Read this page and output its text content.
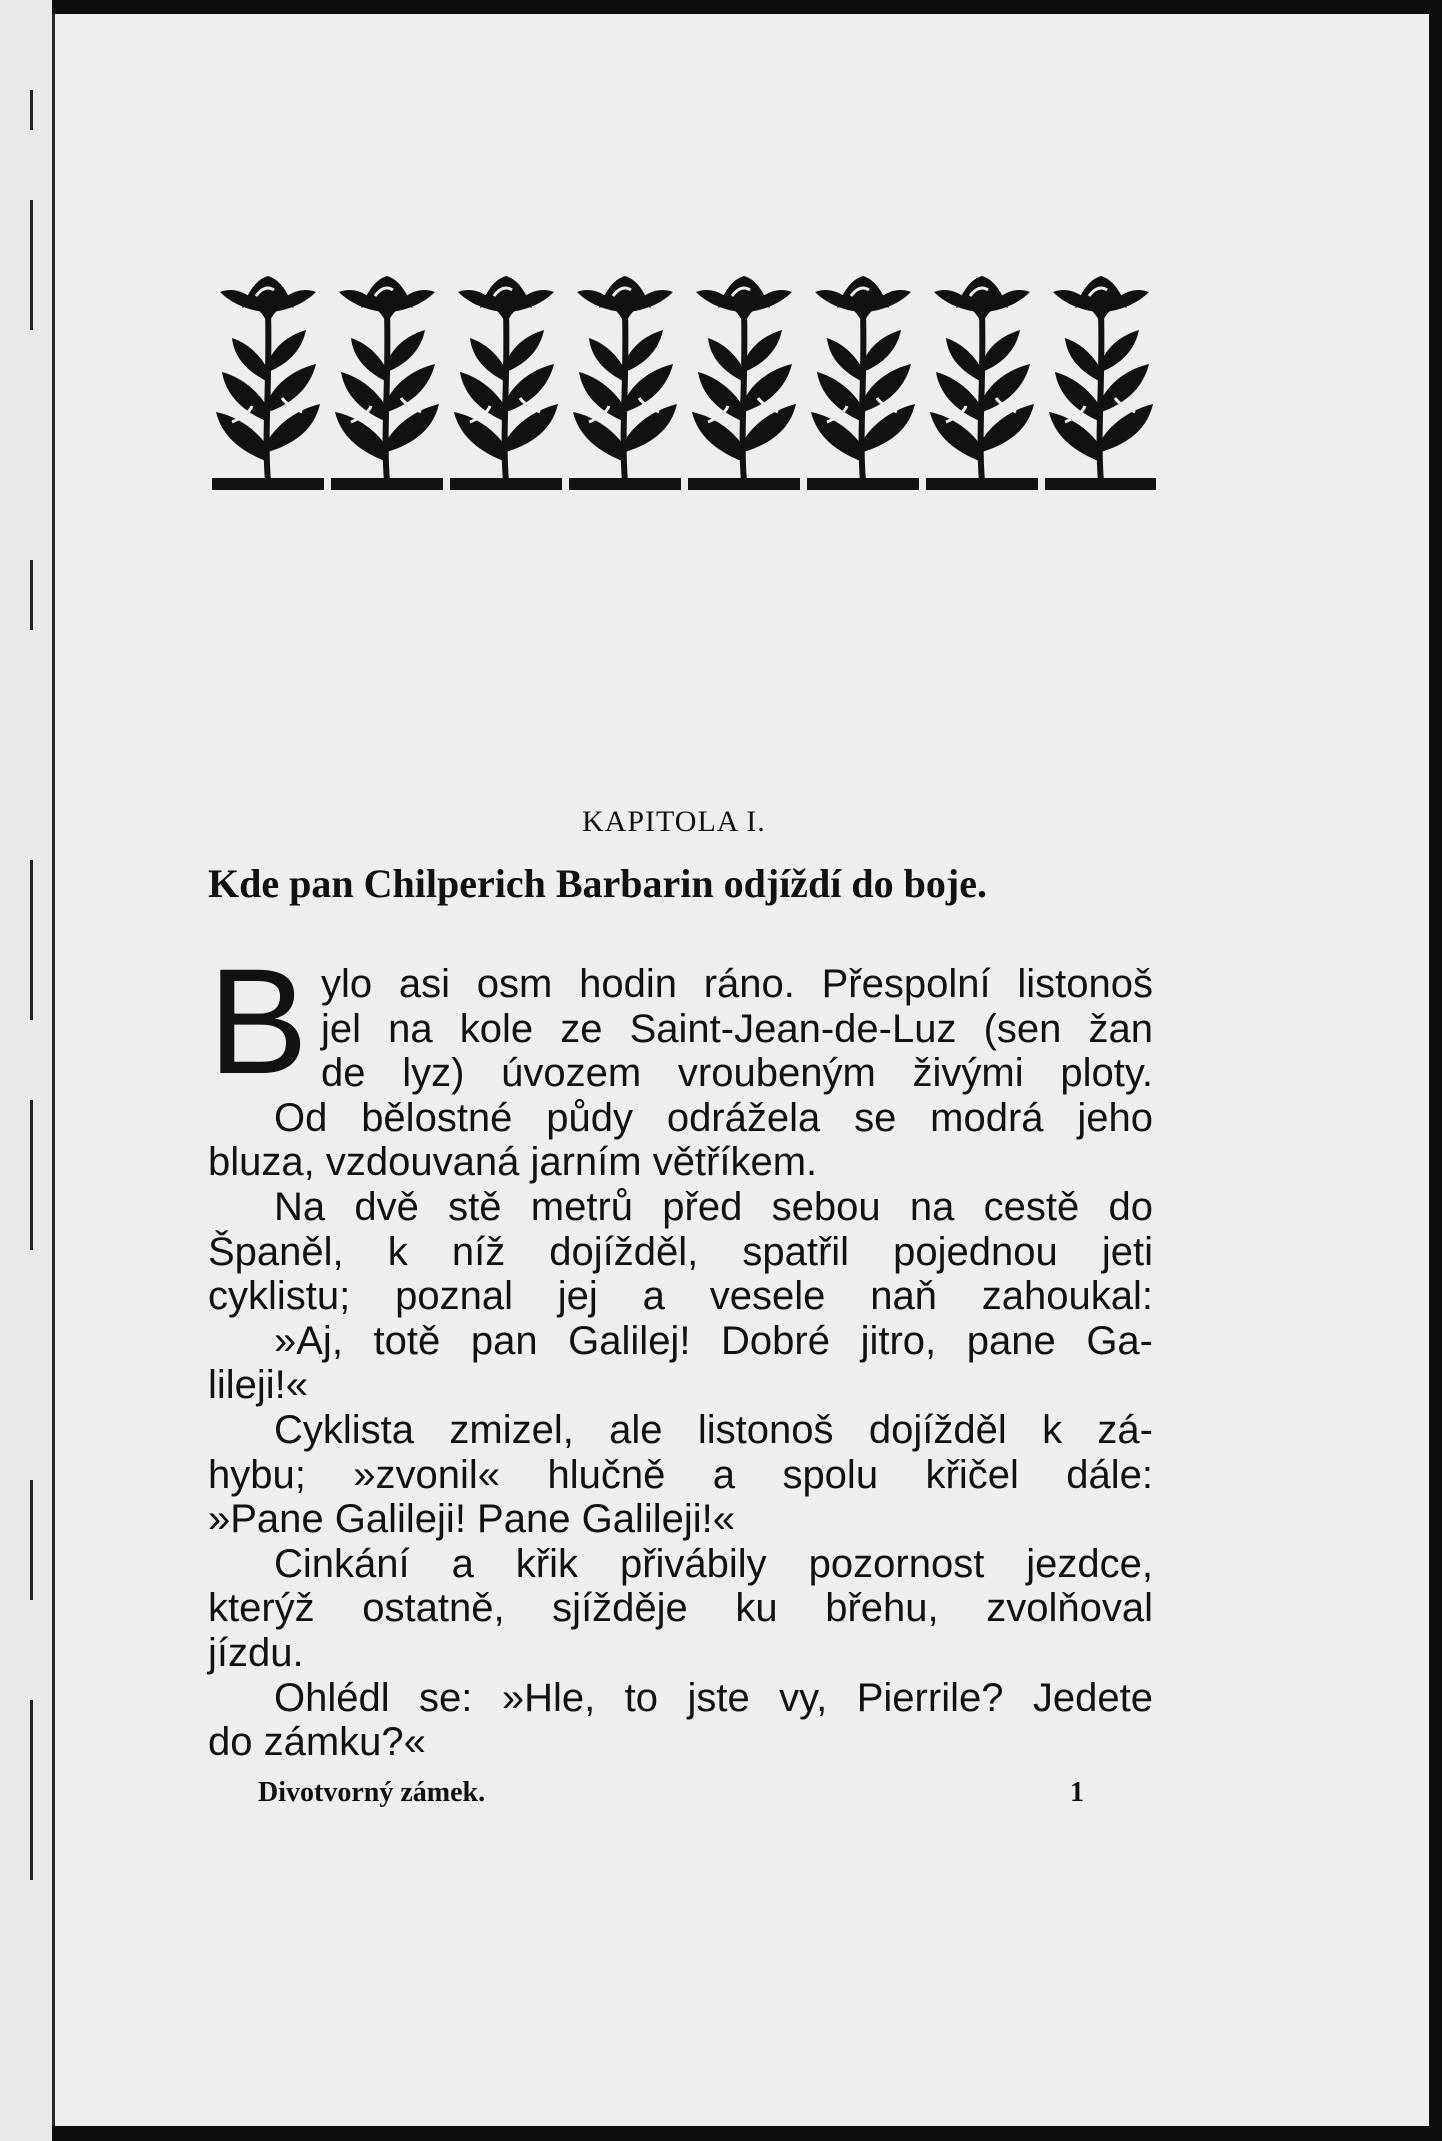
KAPITOLA I.
Kde pan Chilperich Barbarin odjíždí do boje.
B ylo asi osm hodin ráno. Přespolní listonoš
jel na kole ze Saint-Jean-de-Luz (sen žan
de lyz) úvozem vroubeným živými ploty.
Od bělostné půdy odrážela se modrá jeho
bluza, vzdouvaná jarním větříkem.
Na dvě stě metrů před sebou na cestě do
Španěl, k níž dojížděl, spatřil pojednou jeti
cyklistu; poznal jej a vesele naň zahoukal:
»Aj, totě pan Galilej! Dobré jitro, pane Ga-
lileji!«
Cyklista zmizel, ale listonoš dojížděl k zá-
hybu; »zvonil« hlučně a spolu křičel dále:
»Pane Galileji! Pane Galileji!«
Cinkání a křik přivábily pozornost jezdce,
kterýž ostatně, sjížděje ku břehu, zvolňoval
jízdu.
Ohlédl se: »Hle, to jste vy, Pierrile? Jedete
do zámku?«
Divotvorný zámek.	1
